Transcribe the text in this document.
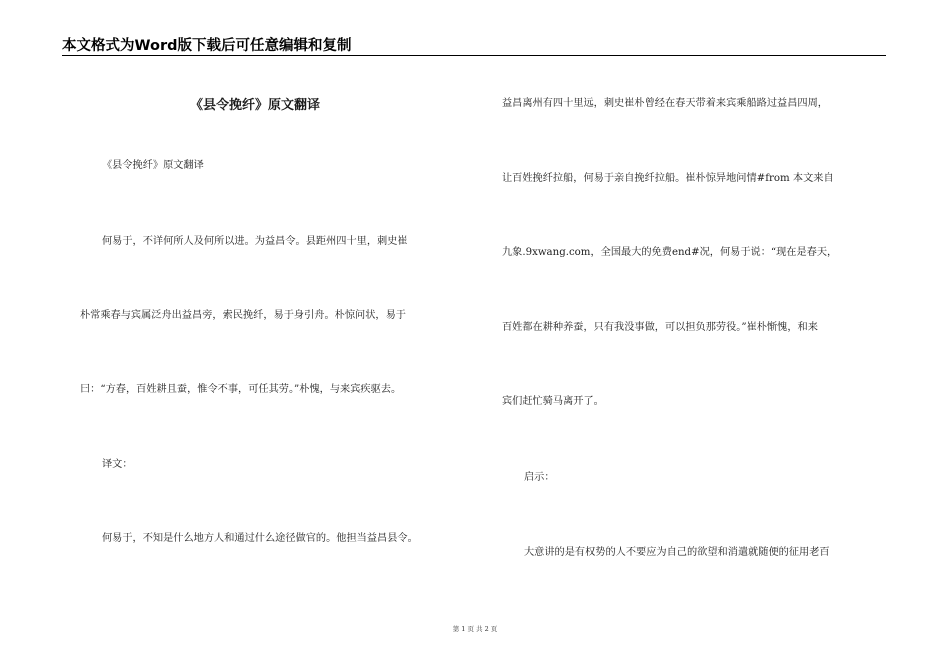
本文格式为Word版下载后可任意编辑和复制
《县令挽纤》原文翻译
《县令挽纤》原文翻译
何易于，不详何所人及何所以进。为益昌令。县距州四十里，刺史崔
朴常乘春与宾属泛舟出益昌旁，索民挽纤，易于身引舟。朴惊问状，易于
曰：“方春，百姓耕且蚕，惟令不事，可任其劳。”朴愧，与来宾疾驱去。
译文：
何易于，不知是什么地方人和通过什么途径做官的。他担当益昌县令。
益昌离州有四十里远，刺史崔朴曾经在春天带着来宾乘船路过益昌四周，
让百姓挽纤拉船，何易于亲自挽纤拉船。崔朴惊异地问情#from 本文来自
九象.9xwang.com，全国最大的免费end#况，何易于说：“现在是春天，
百姓都在耕种养蚕，只有我没事做，可以担负那劳役。”崔朴惭愧，和来
宾们赶忙骑马离开了。
启示：
大意讲的是有权势的人不要应为自己的欲望和消遣就随便的征用老百
第 1 页 共 2 页
